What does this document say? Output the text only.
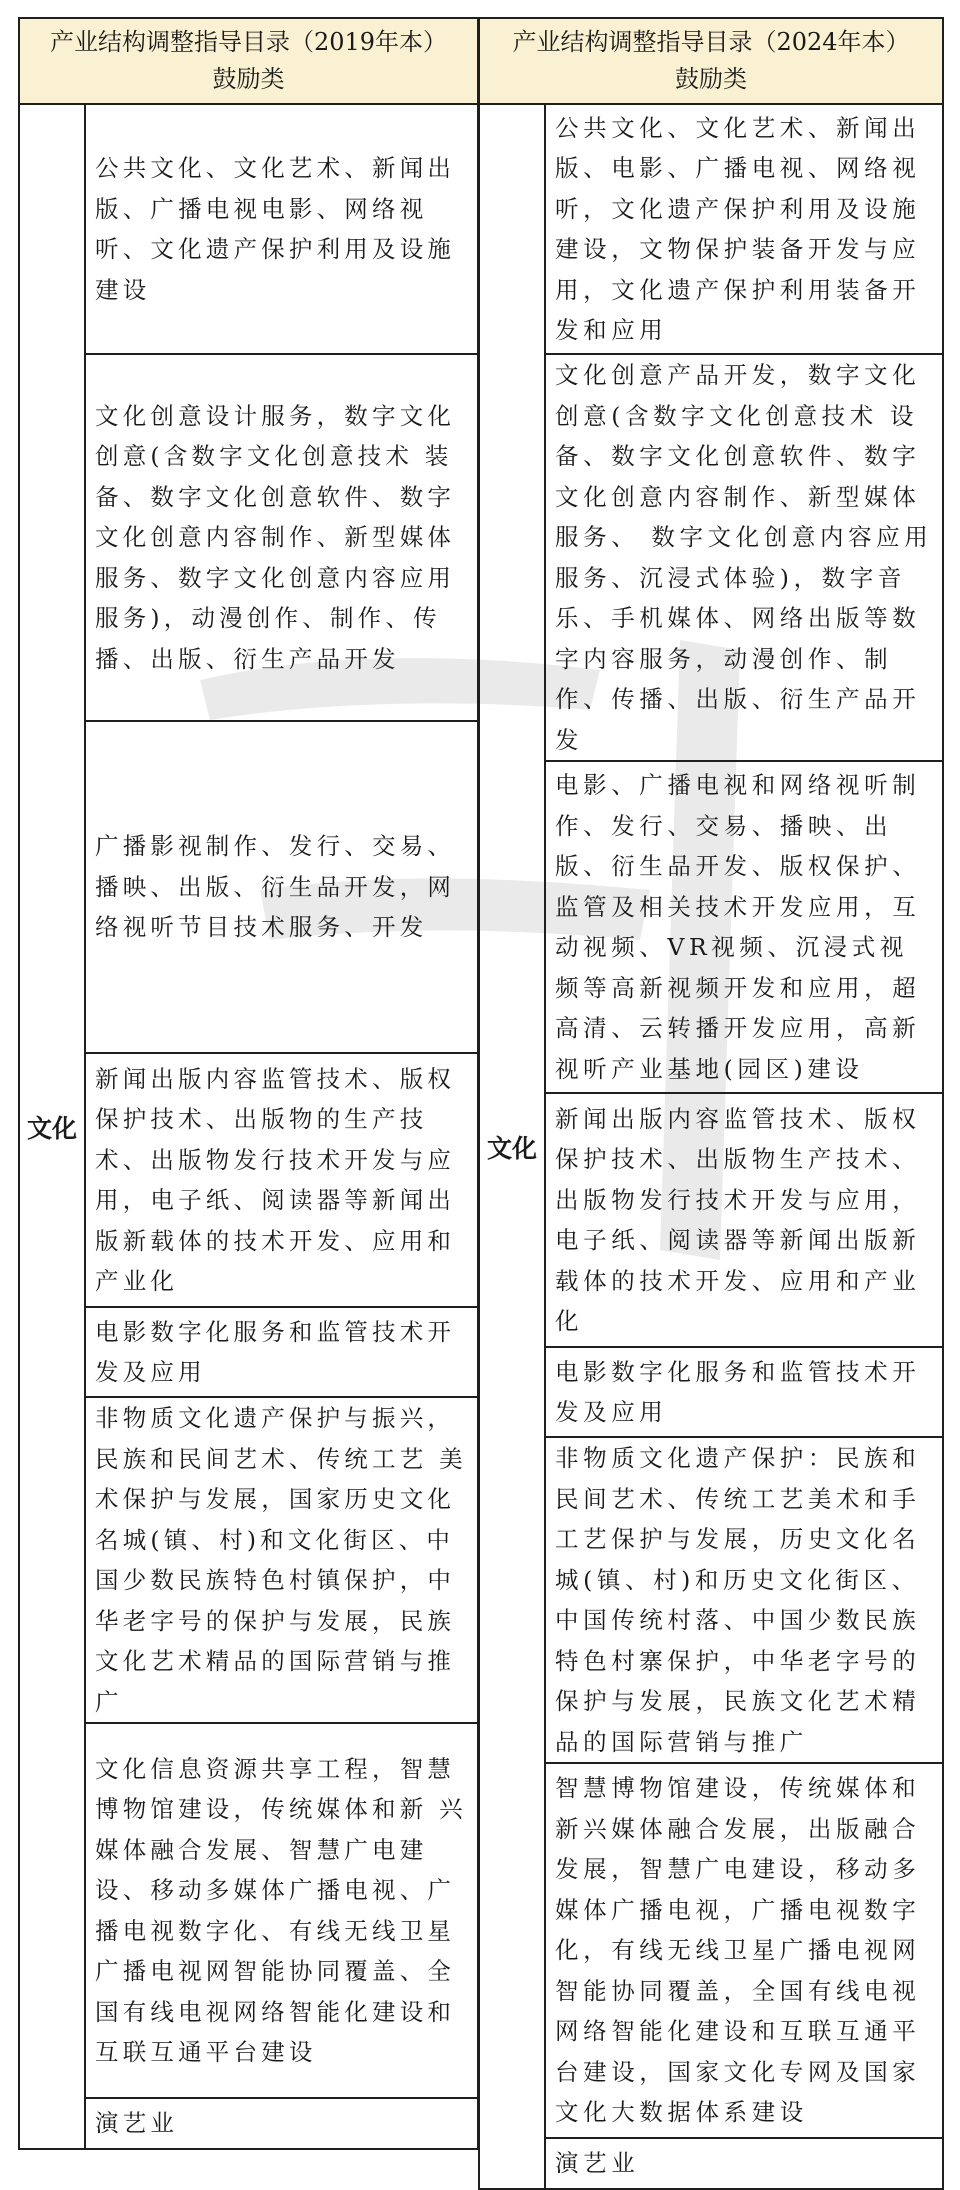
产业结构调整指导目录（2019年本）
鼓励类

文化	公共文化、文化艺术、新闻出版、广播电视电影、网络视听、文化遗产保护利用及设施建设
文化创意设计服务，数字文化创意(含数字文化创意技术 装备、数字文化创意软件、数字文化创意内容制作、新型媒体服务、数字文化创意内容应用服务)，动漫创作、制作、传播、出版、衍生产品开发
广播影视制作、发行、交易、播映、出版、衍生品开发，网络视听节目技术服务、开发
新闻出版内容监管技术、版权保护技术、出版物的生产技术、出版物发行技术开发与应用，电子纸、阅读器等新闻出版新载体的技术开发、应用和产业化
电影数字化服务和监管技术开发及应用
非物质文化遗产保护与振兴，民族和民间艺术、传统工艺 美术保护与发展，国家历史文化名城(镇、村)和文化街区、中国少数民族特色村镇保护，中华老字号的保护与发展，民族文化艺术精品的国际营销与推广
文化信息资源共享工程，智慧博物馆建设，传统媒体和新 兴媒体融合发展、智慧广电建设、移动多媒体广播电视、广播电视数字化、有线无线卫星广播电视网智能协同覆盖、全国有线电视网络智能化建设和互联互通平台建设
演艺业
产业结构调整指导目录（2024年本）
鼓励类

文化	公共文化、文化艺术、新闻出版、电影、广播电视、网络视听，文化遗产保护利用及设施建设，文物保护装备开发与应用，文化遗产保护利用装备开发和应用
文化创意产品开发，数字文化创意(含数字文化创意技术 设备、数字文化创意软件、数字文化创意内容制作、新型媒体服务、 数字文化创意内容应用服务、沉浸式体验)，数字音乐、手机媒体、网络出版等数字内容服务，动漫创作、制作、传播、出版、衍生产品开发
电影、广播电视和网络视听制作、发行、交易、播映、出版、衍生品开发、版权保护、监管及相关技术开发应用，互动视频、VR视频、沉浸式视频等高新视频开发和应用，超高清、云转播开发应用，高新视听产业基地(园区)建设
新闻出版内容监管技术、版权保护技术、出版物生产技术、出版物发行技术开发与应用，电子纸、阅读器等新闻出版新载体的技术开发、应用和产业化
电影数字化服务和监管技术开发及应用
非物质文化遗产保护：民族和民间艺术、传统工艺美术和手工艺保护与发展，历史文化名城(镇、村)和历史文化街区、中国传统村落、中国少数民族特色村寨保护，中华老字号的保护与发展，民族文化艺术精品的国际营销与推广
智慧博物馆建设，传统媒体和新兴媒体融合发展，出版融合发展，智慧广电建设，移动多媒体广播电视，广播电视数字化，有线无线卫星广播电视网智能协同覆盖，全国有线电视网络智能化建设和互联互通平台建设，国家文化专网及国家文化大数据体系建设
演艺业
